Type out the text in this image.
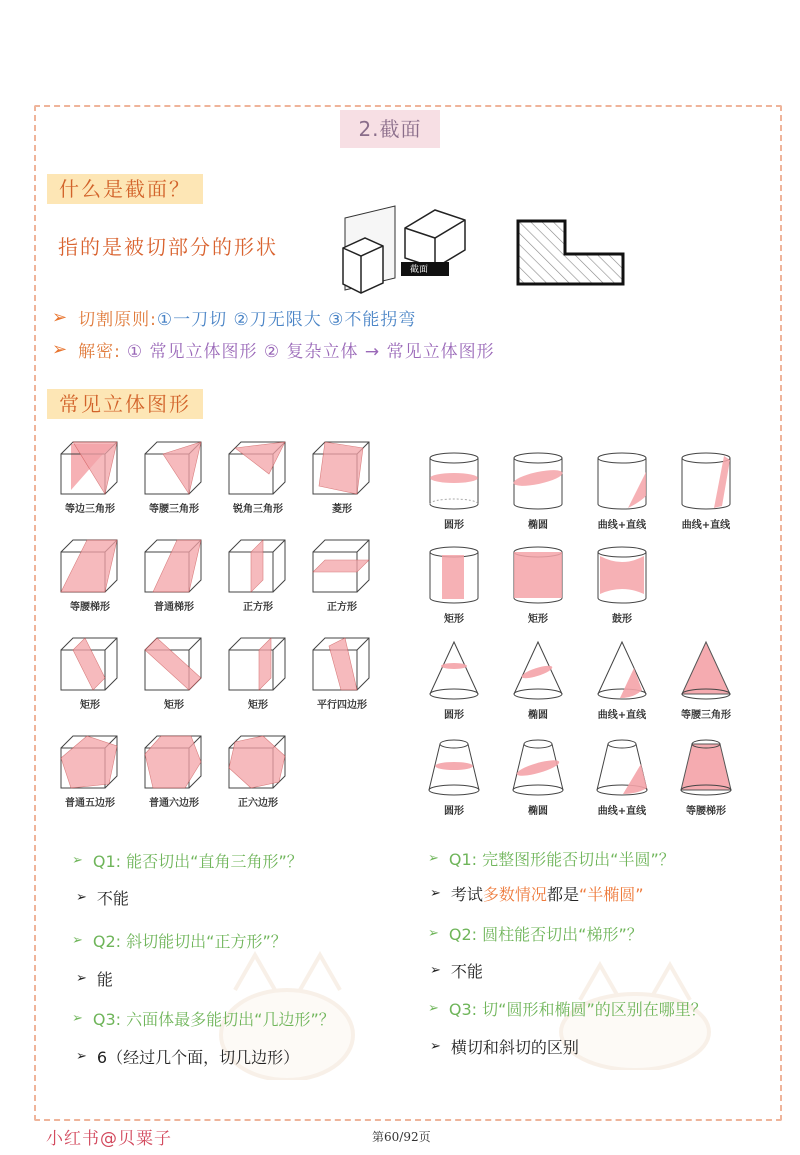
2.截面
什么是截面？
指的是被切部分的形状
截面
➢ 切割原则: ①一刀切 ②刀无限大 ③不能拐弯
➢ 解密: ① 常见立体图形 ② 复杂立体 → 常见立体图形
常见立体图形
等边三角形	等腰三角形	锐角三角形	菱形
等腰梯形	普通梯形	正方形	正方形
矩形	矩形	矩形	平行四边形
普通五边形	普通六边形	正六边形
圆形	椭圆	曲线+直线	曲线+直线
矩形	矩形	鼓形
圆形	椭圆	曲线+直线	等腰三角形
圆形	椭圆	曲线+直线	等腰梯形
➢ Q1: 能否切出“直角三角形”？
➢ 不能
➢ Q2: 斜切能切出“正方形”？
➢ 能
➢ Q3: 六面体最多能切出“几边形”？
➢ 6（经过几个面，切几边形）
➢ Q1: 完整图形能否切出“半圆”？
➢ 考试 多数情况 都是 “半椭圆”
➢ Q2: 圆柱能否切出“梯形”？
➢ 不能
➢ Q3: 切“圆形和椭圆”的区别在哪里？
➢ 横切和斜切的区别
小红书@贝粟子	第60/92页
